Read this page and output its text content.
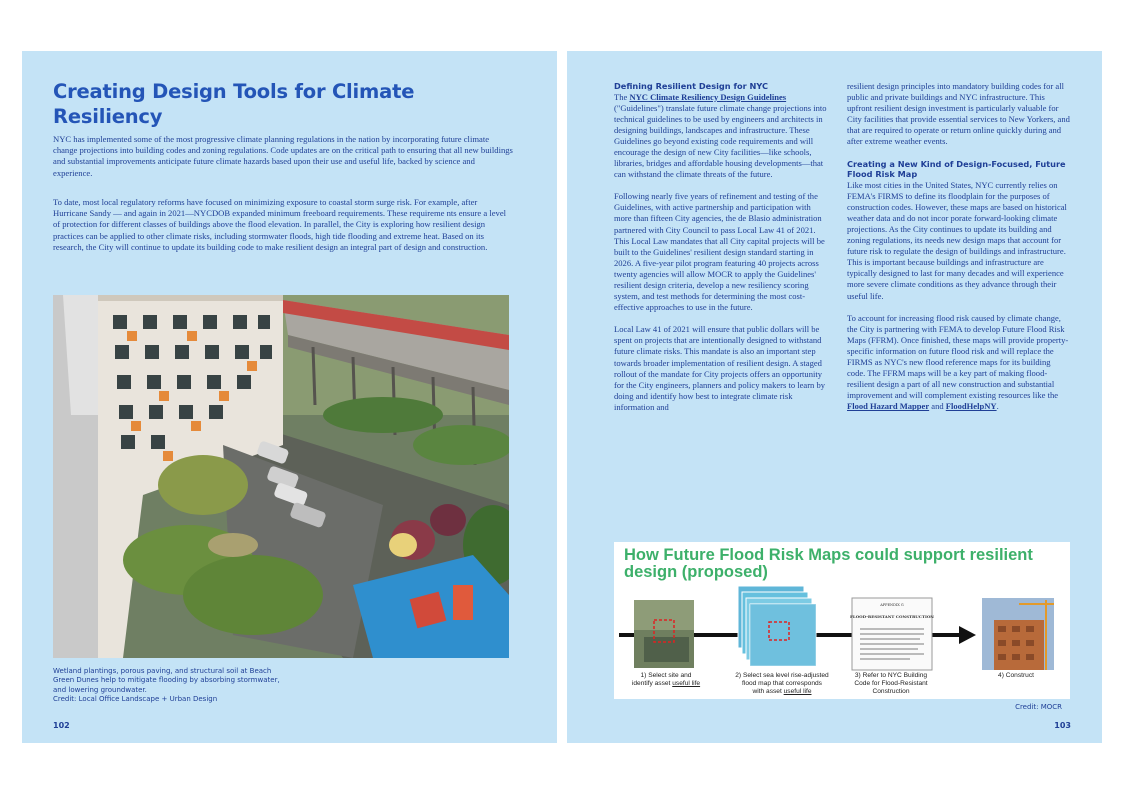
Creating Design Tools for Climate Resiliency

NYC has implemented some of the most progressive climate planning regulations in the nation by incorporating future climate change projections into building codes and zoning regulations. Code updates are on the critical path to ensuring that all new buildings and substantial improvements anticipate future climate hazards based upon their use and useful life, backed by science and experience.

To date, most local regulatory reforms have focused on minimizing exposure to coastal storm surge risk. For example, after Hurricane Sandy — and again in 2021—NYCDOB expanded minimum freeboard requirements. These requireme nts ensure a level of protection for different classes of buildings above the flood elevation. In parallel, the City is exploring how resilient design practices can be applied to other climate risks, including stormwater floods, high tide flooding and extreme heat. Based on its research, the City will continue to update its building code to make resilient design an integral part of design and construction.

Wetland plantings, porous paving, and structural soil at Beach Green Dunes help to mitigate flooding by absorbing stormwater, and lowering groundwater.
Credit: Local Office Landscape + Urban Design

102
Defining Resilient Design for NYC

The NYC Climate Resiliency Design Guidelines ("Guidelines") translate future climate change projections into technical guidelines to be used by engineers and architects in designing buildings, landscapes and infrastructure. These Guidelines go beyond existing code requirements and will encourage the design of new City facilities—like schools, libraries, bridges and affordable housing developments—that can withstand the climate threats of the future.

Following nearly five years of refinement and testing of the Guidelines, with active partnership and participation with more than fifteen City agencies, the de Blasio administration partnered with City Council to pass Local Law 41 of 2021. This Local Law mandates that all City capital projects will be built to the Guidelines' resilient design standard starting in 2026. A five-year pilot program featuring 40 projects across twenty agencies will allow MOCR to apply the Guidelines' resilient design criteria, develop a new resiliency scoring system, and test methods for determining the most cost-effective approaches to use in the future.

Local Law 41 of 2021 will ensure that public dollars will be spent on projects that are intentionally designed to withstand future climate risks. This mandate is also an important step towards broader implementation of resilient design. A staged rollout of the mandate for City projects offers an opportunity for the City engineers, planners and policy makers to learn by doing and identify how best to integrate climate risk information and

resilient design principles into mandatory building codes for all public and private buildings and NYC infrastructure. This upfront resilient design investment is particularly valuable for City facilities that provide essential services to New Yorkers, and that are required to operate or return online quickly during and after extreme weather events.

Creating a New Kind of Design-Focused, Future Flood Risk Map

Like most cities in the United States, NYC currently relies on FEMA's FIRMS to define its floodplain for the purposes of construction codes. However, these maps are based on historical weather data and do not incor porate forward-looking climate projections. As the City continues to update its building and zoning regulations, its needs new design maps that account for future risk to regulate the design of buildings and infrastructure. This is important because buildings and infrastructure are typically designed to last for many decades and will experience more severe climate conditions as they advance through their useful life.

To account for increasing flood risk caused by climate change, the City is partnering with FEMA to develop Future Flood Risk Maps (FFRM). Once finished, these maps will provide property-specific information on future flood risk and will replace the FIRMS as NYC's new flood reference maps for its building code. The FFRM maps will be a key part of making flood-resilient design a part of all new construction and substantial improvement and will complement existing resources like the Flood Hazard Mapper and FloodHelpNY.

How Future Flood Risk Maps could support resilient design (proposed)
APPENDIX G
FLOOD-RESISTANT CONSTRUCTION
1) Select site and
identify asset useful life
2) Select sea level rise-adjusted
flood map that corresponds
with asset useful life
3) Refer to NYC Building
Code for Flood-Resistant
Construction
4) Construct
Credit: MOCR
103
